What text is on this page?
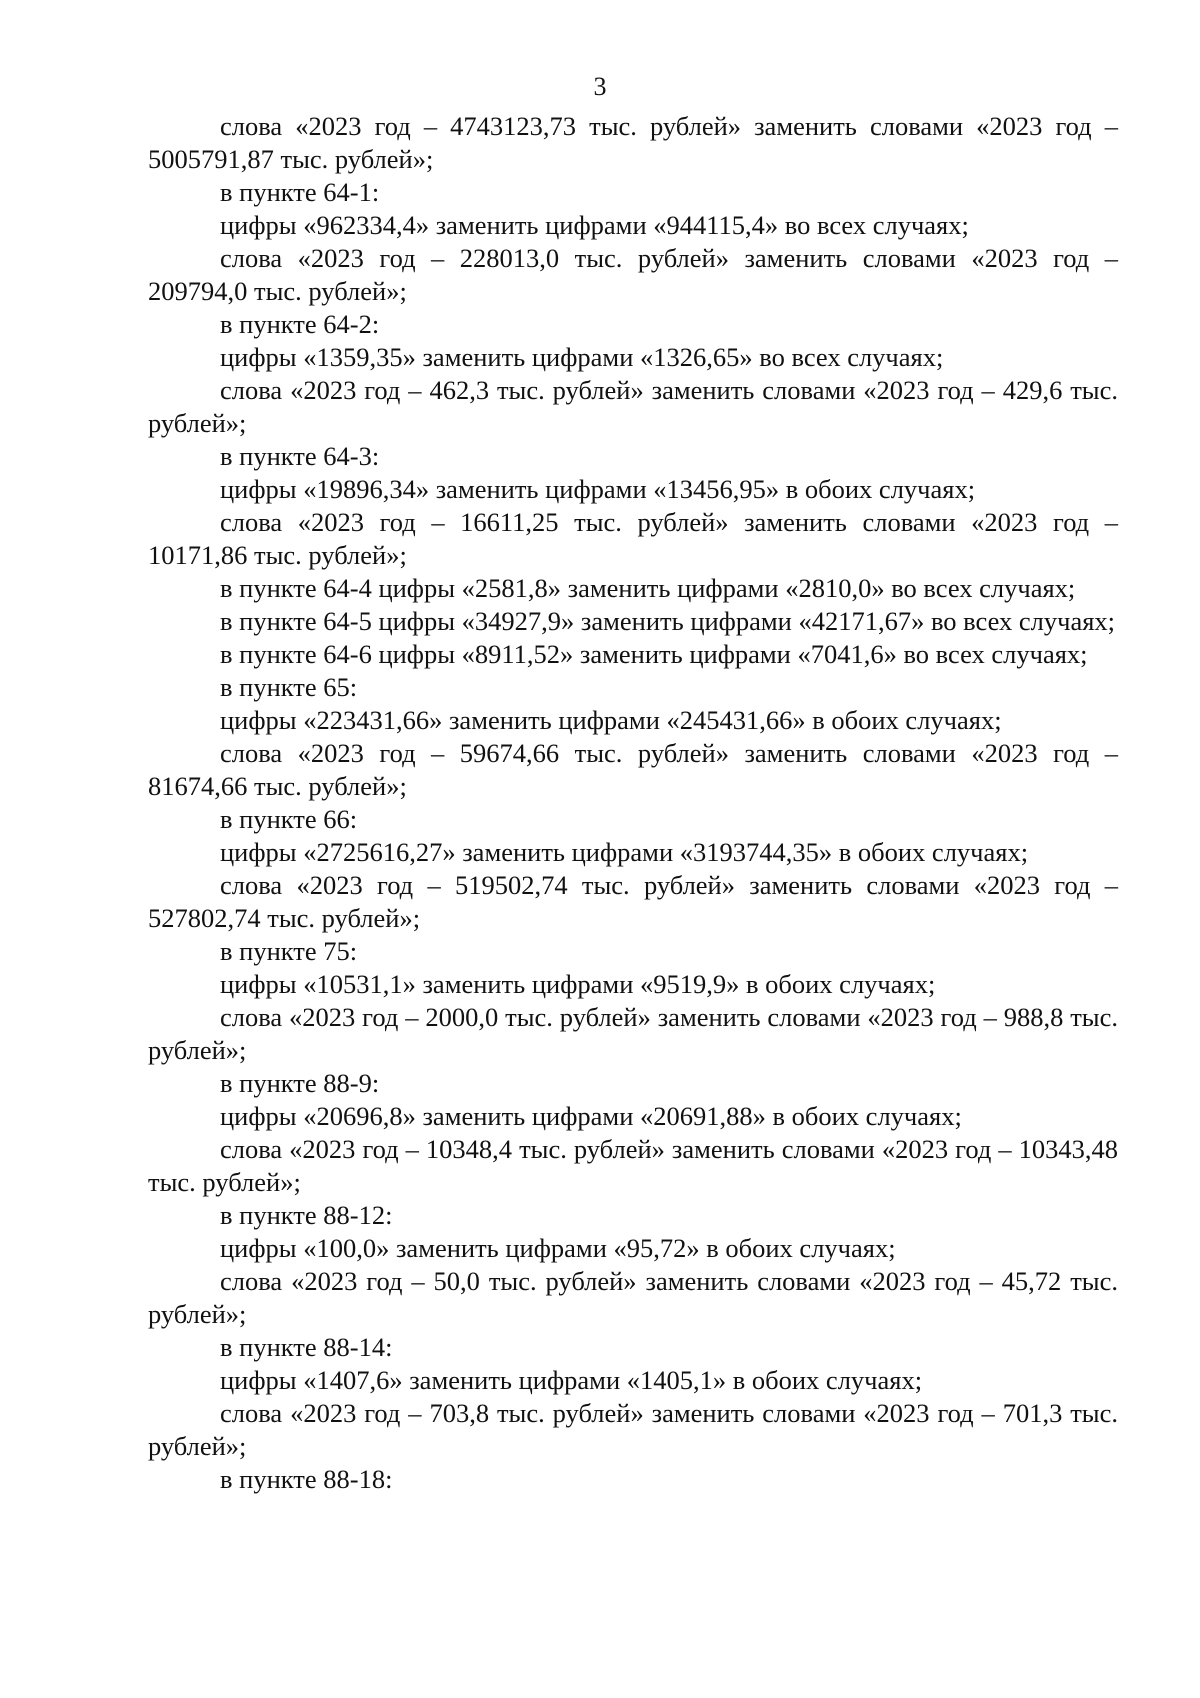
3

слова «2023 год – 4743123,73 тыс. рублей» заменить словами «2023 год – 5005791,87 тыс. рублей»;

в пункте 64-1:

цифры «962334,4» заменить цифрами «944115,4» во всех случаях;

слова «2023 год – 228013,0 тыс. рублей» заменить словами «2023 год – 209794,0 тыс. рублей»;

в пункте 64-2:

цифры «1359,35» заменить цифрами «1326,65» во всех случаях;

слова «2023 год – 462,3 тыс. рублей» заменить словами «2023 год – 429,6 тыс. рублей»;

в пункте 64-3:

цифры «19896,34» заменить цифрами «13456,95» в обоих случаях;

слова «2023 год – 16611,25 тыс. рублей» заменить словами «2023 год – 10171,86 тыс. рублей»;

в пункте 64-4 цифры «2581,8» заменить цифрами «2810,0» во всех случаях;

в пункте 64-5 цифры «34927,9» заменить цифрами «42171,67» во всех случаях;

в пункте 64-6 цифры «8911,52» заменить цифрами «7041,6» во всех случаях;

в пункте 65:

цифры «223431,66» заменить цифрами «245431,66» в обоих случаях;

слова «2023 год – 59674,66 тыс. рублей» заменить словами «2023 год – 81674,66 тыс. рублей»;

в пункте 66:

цифры «2725616,27» заменить цифрами «3193744,35» в обоих случаях;

слова «2023 год – 519502,74 тыс. рублей» заменить словами «2023 год – 527802,74 тыс. рублей»;

в пункте 75:

цифры «10531,1» заменить цифрами «9519,9» в обоих случаях;

слова «2023 год – 2000,0 тыс. рублей» заменить словами «2023 год – 988,8 тыс. рублей»;

в пункте 88-9:

цифры «20696,8» заменить цифрами «20691,88» в обоих случаях;

слова «2023 год – 10348,4 тыс. рублей» заменить словами «2023 год – 10343,48 тыс. рублей»;

в пункте 88-12:

цифры «100,0» заменить цифрами «95,72» в обоих случаях;

слова «2023 год – 50,0 тыс. рублей» заменить словами «2023 год – 45,72 тыс. рублей»;

в пункте 88-14:

цифры «1407,6» заменить цифрами «1405,1» в обоих случаях;

слова «2023 год – 703,8 тыс. рублей» заменить словами «2023 год – 701,3 тыс. рублей»;

в пункте 88-18:
